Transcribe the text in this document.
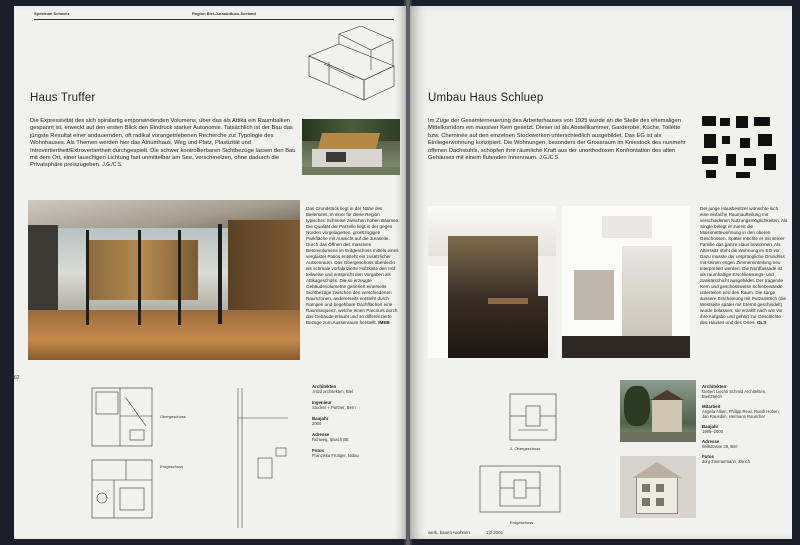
Spektrum Schweiz	Region Biel-Jurasüdfuss-Seeland
Haus Truffer
Die Expressivität des sich spiralartig emporwindenden Volumens, über das als Attika ein Raumbalken gespannt ist, erweckt auf den ersten Blick den Eindruck starker Autonomie. Tatsächlich ist der Bau das jüngste Resultat einer andauernden, oft radikal vorangetriebenen Recherche zur Typologie des Wohnhauses. Als Themen werden hier das Atriumhaus, Weg und Platz, Plastizität und Introvertiertheit/Extrovertiertheit durchgespielt. Die schwer kontrollierbaren Sichtbezüge lassen den Bau mit dem Ort, einer lauschigen Lichtung fast unmittelbar am See, verschmelzen, ohne dadurch die Privatsphäre preiszugeben. J.G./C.S.
Das Grundstück liegt in der Nähe des Bielersees, in einer für diese Region typischen Schneise zwischen hohen Bäumen. Die Qualität der Parzelle liegt in der gegen Norden vorgelagerten, grosszügigen Parkfläche mit Aussicht auf die Juraseite. Durch das Öffnen des massiven Betonvolumens im Erdgeschoss mittels eines verglaster Patios entsteht ein zusätzlicher Aussenraum. Das Obergeschoss überdeckt als schmale vorfabrizierte Holzkiste den Hof teilweise und entspricht den Vorgaben als Attikageschoss. Die so erzeugte Gebäudevolumetrie generiert einerseits Sichtbezüge zwischen den verschiedenen Raumzonen, andererseits entsteht durch Rampen und begehbare Dachflächen eine Raumsequenz, welche einen Parcours durch das Gebäude erlaubt und so differenzierte Bezüge zum Aussenraum herstellt. IMEB
62
Obergeschoss
Erdgeschoss
Architekten
:mlzd architekten, Biel
Ingenieur
Stocker + Partner, Bern
Baujahr
2000
Adresse
Ruhweg, Ipsach BE
Fotos
Franziska Frutiger, Nidau
Umbau Haus Schluep
Im Zuge der Gesamterneuerung des Arbeiterhauses von 1925 wurde an die Stelle des ehemaligen Mittelkorridors ein massiver Kern gesetzt. Dieser ist als Abstellkammer, Garderobe, Küche, Toilette bzw. Cheminée auf den einzelnen Stockwerken unterschiedlich ausgebildet. Das EG ist als Einliegerwohnung konzipiert. Die Wohnungen, besonders der Grossraum im Kniestock des nunmehr offenen Dachstuhls, schöpfen ihre räumliche Kraft aus der unorthodoxen Konfrontation des alten Gehäuses mit einem flutenden Innenraum. J.G./C.S.
Der junge Hausbesitzer wünschte sich eine einfache Raumaufteilung mit verschiedenen Nutzungsmöglichkeiten. Als Single belegt er zuerst die Maisonettewohnung in den oberen Geschossen. Später möchte er mit seiner Familie das ganze Haus bewohnen. Als Alterssitz steht die Wohnung im EG vor. Dazu musste der ursprüngliche Grundriss mit seinen engen Zimmereinteilung neu interpretiert werden. Die Nordfassade ist als raumhaltige Erschliessungs- und Sanitärschicht ausgebildet. Der tragende Kern und geschossweise Schiebewände unterteilen neu den Raum. Die karge äussere Erscheinung mit Putzanstrich (die Westseite später mit Eternit geschindelt) wurde belassen; sie erzählt nach wie vor ihre Aufgabe und gehört zur Geschichte des Hauses und des Ortes. GLS
2. Obergeschoss
Erdgeschoss
Architekten
Gebert Liechti Schmid Architekten, Biel/Zürich
Mitarbeit
Angela Allam, Philipp Rewi, Ruedi Hoben, Jan Rausdim, Hermann Rauscher
Baujahr
1998–2000
Adresse
Willstrasse 39, Biel
Fotos
Jürg Zimmermann, Zürich
werk, bauen+wohnen	1|2 2001
